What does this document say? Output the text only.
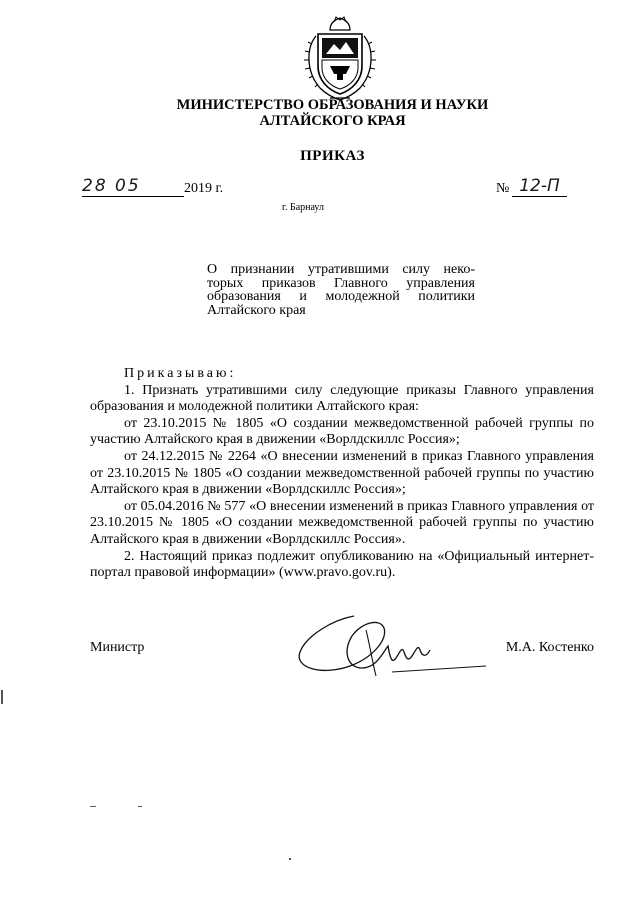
МИНИСТЕРСТВО ОБРАЗОВАНИЯ И НАУКИ
АЛТАЙСКОГО КРАЯ
ПРИКАЗ
28 05	2019 г.	№ 12-П
г. Барнаул
О признании утратившими силу неко-
торых приказов Главного управления
образования и молодежной политики
Алтайского края

Приказываю:

1. Признать утратившими силу следующие приказы Главного управления образования и молодежной политики Алтайского края:

от 23.10.2015 № 1805 «О создании межведомственной рабочей группы по участию Алтайского края в движении «Ворлдскиллс Россия»;

от 24.12.2015 № 2264 «О внесении изменений в приказ Главного управления от 23.10.2015 № 1805 «О создании межведомственной рабочей группы по участию Алтайского края в движении «Ворлдскиллс Россия»;

от 05.04.2016 № 577 «О внесении изменений в приказ Главного управления от 23.10.2015 № 1805 «О создании межведомственной рабочей группы по участию Алтайского края в движении «Ворлдскиллс Россия».

2. Настоящий приказ подлежит опубликованию на «Официальный интернет-портал правовой информации» (www.pravo.gov.ru).

Министр	М.А. Костенко
